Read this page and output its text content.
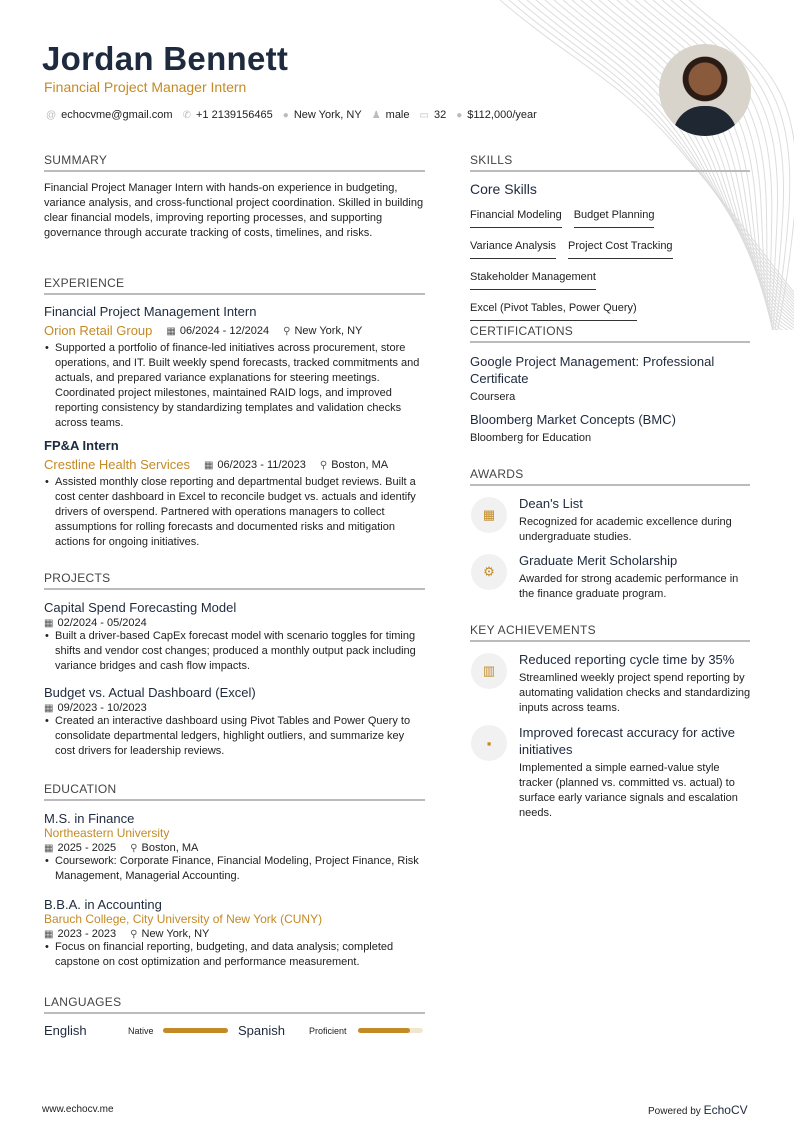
Jordan Bennett
Financial Project Manager Intern
@ echocvme@gmail.com ✆ +1 2139156465 ● New York, NY ♟ male ▭ 32 ● $112,000/year
SUMMARY
Financial Project Manager Intern with hands-on experience in budgeting, variance analysis, and cross-functional project coordination. Skilled in building clear financial models, improving reporting processes, and supporting governance through accurate tracking of costs, timelines, and risks.
EXPERIENCE
Financial Project Management Intern
Orion Retail Group ▦ 06/2024 - 12/2024 ⚲ New York, NY
• Supported a portfolio of finance-led initiatives across procurement, store operations, and IT. Built weekly spend forecasts, tracked commitments and actuals, and prepared variance explanations for steering meetings. Coordinated project milestones, maintained RAID logs, and improved reporting consistency by standardizing templates and validation checks across teams.
FP&A Intern
Crestline Health Services ▦ 06/2023 - 11/2023 ⚲ Boston, MA
• Assisted monthly close reporting and departmental budget reviews. Built a cost center dashboard in Excel to reconcile budget vs. actuals and identify drivers of overspend. Partnered with operations managers to collect assumptions for rolling forecasts and documented risks and mitigation actions for ongoing initiatives.
PROJECTS
Capital Spend Forecasting Model
▦ 02/2024 - 05/2024
• Built a driver-based CapEx forecast model with scenario toggles for timing shifts and vendor cost changes; produced a monthly output pack including variance bridges and cash flow impacts.
Budget vs. Actual Dashboard (Excel)
▦ 09/2023 - 10/2023
• Created an interactive dashboard using Pivot Tables and Power Query to consolidate departmental ledgers, highlight outliers, and summarize key cost drivers for leadership reviews.
EDUCATION
M.S. in Finance
Northeastern University
▦ 2025 - 2025 ⚲ Boston, MA
• Coursework: Corporate Finance, Financial Modeling, Project Finance, Risk Management, Managerial Accounting.
B.B.A. in Accounting
Baruch College, City University of New York (CUNY)
▦ 2023 - 2023 ⚲ New York, NY
• Focus on financial reporting, budgeting, and data analysis; completed capstone on cost optimization and performance measurement.
LANGUAGES
English	Native	Spanish	Proficient
SKILLS
Core Skills
Financial Modeling Budget Planning
Variance Analysis Project Cost Tracking
Stakeholder Management
Excel (Pivot Tables, Power Query)
CERTIFICATIONS
Google Project Management: Professional Certificate
Coursera
Bloomberg Market Concepts (BMC)
Bloomberg for Education
AWARDS
▦
Dean's List
Recognized for academic excellence during undergraduate studies.
⚙
Graduate Merit Scholarship
Awarded for strong academic performance in the finance graduate program.
KEY ACHIEVEMENTS
▥
Reduced reporting cycle time by 35%
Streamlined weekly project spend reporting by automating validation checks and standardizing inputs across teams.
▪
Improved forecast accuracy for active initiatives
Implemented a simple earned-value style tracker (planned vs. committed vs. actual) to surface early variance signals and escalation needs.
www.echocv.me	Powered by EchoCV
